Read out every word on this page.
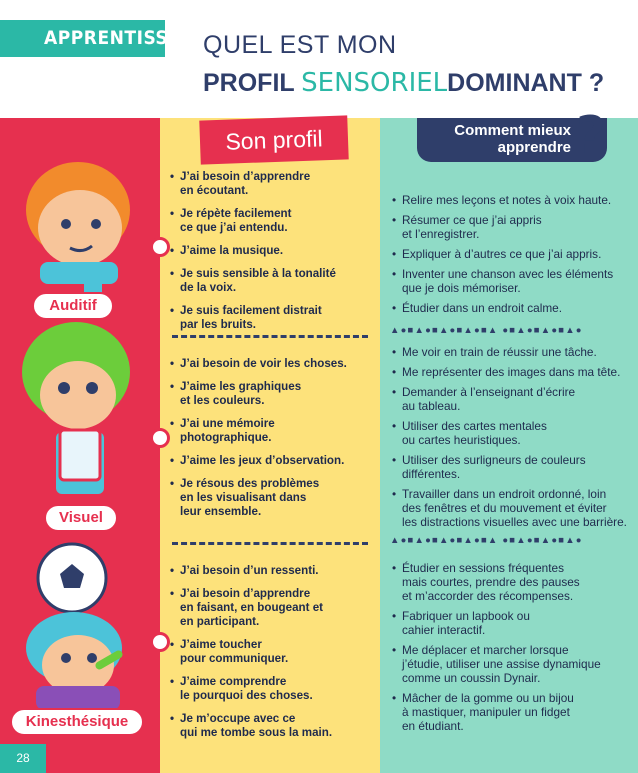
APPRENTISSAGE
QUEL EST MON
PROFIL SENSORIELDOMINANT ?
Son profil	Comment mieux
apprendre ?
Auditif
Visuel
Kinesthésique
• J’ai besoin d’apprendre
en écoutant.
• Je répète facilement
ce que j’ai entendu.
• J’aime la musique.
• Je suis sensible à la tonalité
de la voix.
• Je suis facilement distrait
par les bruits.
• J’ai besoin de voir les choses.
• J’aime les graphiques
et les couleurs.
• J’ai une mémoire
photographique.
• J’aime les jeux d’observation.
• Je résous des problèmes
en les visualisant dans
leur ensemble.
• J’ai besoin d’un ressenti.
• J’ai besoin d’apprendre
en faisant, en bougeant et
en participant.
• J’aime toucher
pour communiquer.
• J’aime comprendre
le pourquoi des choses.
• Je m’occupe avec ce
qui me tombe sous la main.
• Relire mes leçons et notes à voix haute.
• Résumer ce que j’ai appris
et l’enregistrer.
• Expliquer à d’autres ce que j’ai appris.
• Inventer une chanson avec les éléments
que je dois mémoriser.
• Étudier dans un endroit calme.
▲●■▲●■▲●■▲●■▲ ●■▲●■▲●■▲●
• Me voir en train de réussir une tâche.
• Me représenter des images dans ma tête.
• Demander à l’enseignant d’écrire
au tableau.
• Utiliser des cartes mentales
ou cartes heuristiques.
• Utiliser des surligneurs de couleurs
différentes.
• Travailler dans un endroit ordonné, loin
des fenêtres et du mouvement et éviter
les distractions visuelles avec une barrière.
▲●■▲●■▲●■▲●■▲ ●■▲●■▲●■▲●
• Étudier en sessions fréquentes
mais courtes, prendre des pauses
et m’accorder des récompenses.
• Fabriquer un lapbook ou
cahier interactif.
• Me déplacer et marcher lorsque
j’étudie, utiliser une assise dynamique
comme un coussin Dynair.
• Mâcher de la gomme ou un bijou
à mastiquer, manipuler un fidget
en étudiant.
28
